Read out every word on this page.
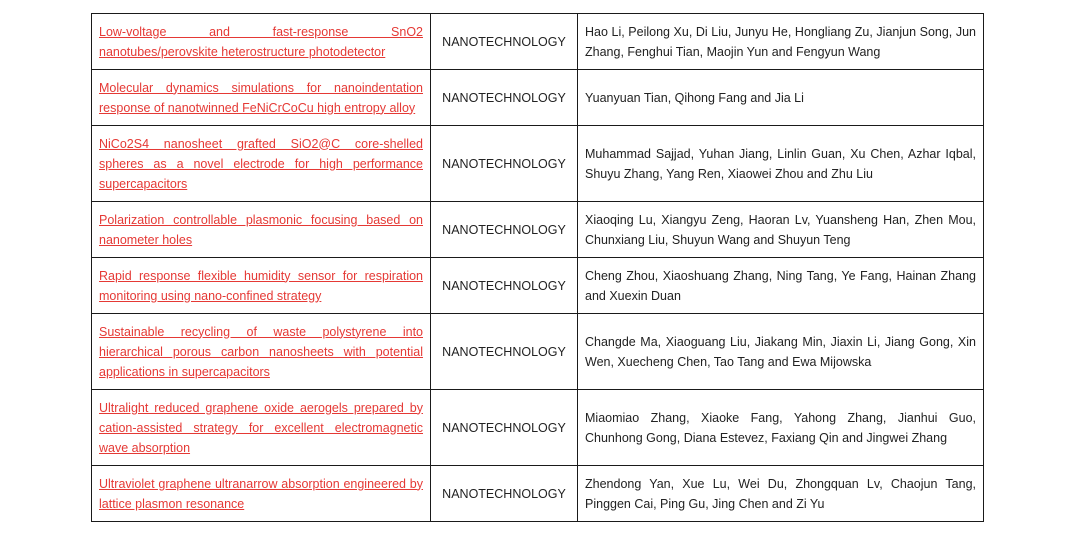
Low-voltage and fast-response SnO2 nanotubes/perovskite heterostructure photodetector	NANOTECHNOLOGY	Hao Li, Peilong Xu, Di Liu, Junyu He, Hongliang Zu, Jianjun Song, Jun Zhang, Fenghui Tian, Maojin Yun and Fengyun Wang
Molecular dynamics simulations for nanoindentation response of nanotwinned FeNiCrCoCu high entropy alloy	NANOTECHNOLOGY	Yuanyuan Tian, Qihong Fang and Jia Li
NiCo2S4 nanosheet grafted SiO2@C core-shelled spheres as a novel electrode for high performance supercapacitors	NANOTECHNOLOGY	Muhammad Sajjad, Yuhan Jiang, Linlin Guan, Xu Chen, Azhar Iqbal, Shuyu Zhang, Yang Ren, Xiaowei Zhou and Zhu Liu
Polarization controllable plasmonic focusing based on nanometer holes	NANOTECHNOLOGY	Xiaoqing Lu, Xiangyu Zeng, Haoran Lv, Yuansheng Han, Zhen Mou, Chunxiang Liu, Shuyun Wang and Shuyun Teng
Rapid response flexible humidity sensor for respiration monitoring using nano-confined strategy	NANOTECHNOLOGY	Cheng Zhou, Xiaoshuang Zhang, Ning Tang, Ye Fang, Hainan Zhang and Xuexin Duan
Sustainable recycling of waste polystyrene into hierarchical porous carbon nanosheets with potential applications in supercapacitors	NANOTECHNOLOGY	Changde Ma, Xiaoguang Liu, Jiakang Min, Jiaxin Li, Jiang Gong, Xin Wen, Xuecheng Chen, Tao Tang and Ewa Mijowska
Ultralight reduced graphene oxide aerogels prepared by cation-assisted strategy for excellent electromagnetic wave absorption	NANOTECHNOLOGY	Miaomiao Zhang, Xiaoke Fang, Yahong Zhang, Jianhui Guo, Chunhong Gong, Diana Estevez, Faxiang Qin and Jingwei Zhang
Ultraviolet graphene ultranarrow absorption engineered by lattice plasmon resonance	NANOTECHNOLOGY	Zhendong Yan, Xue Lu, Wei Du, Zhongquan Lv, Chaojun Tang, Pinggen Cai, Ping Gu, Jing Chen and Zi Yu
